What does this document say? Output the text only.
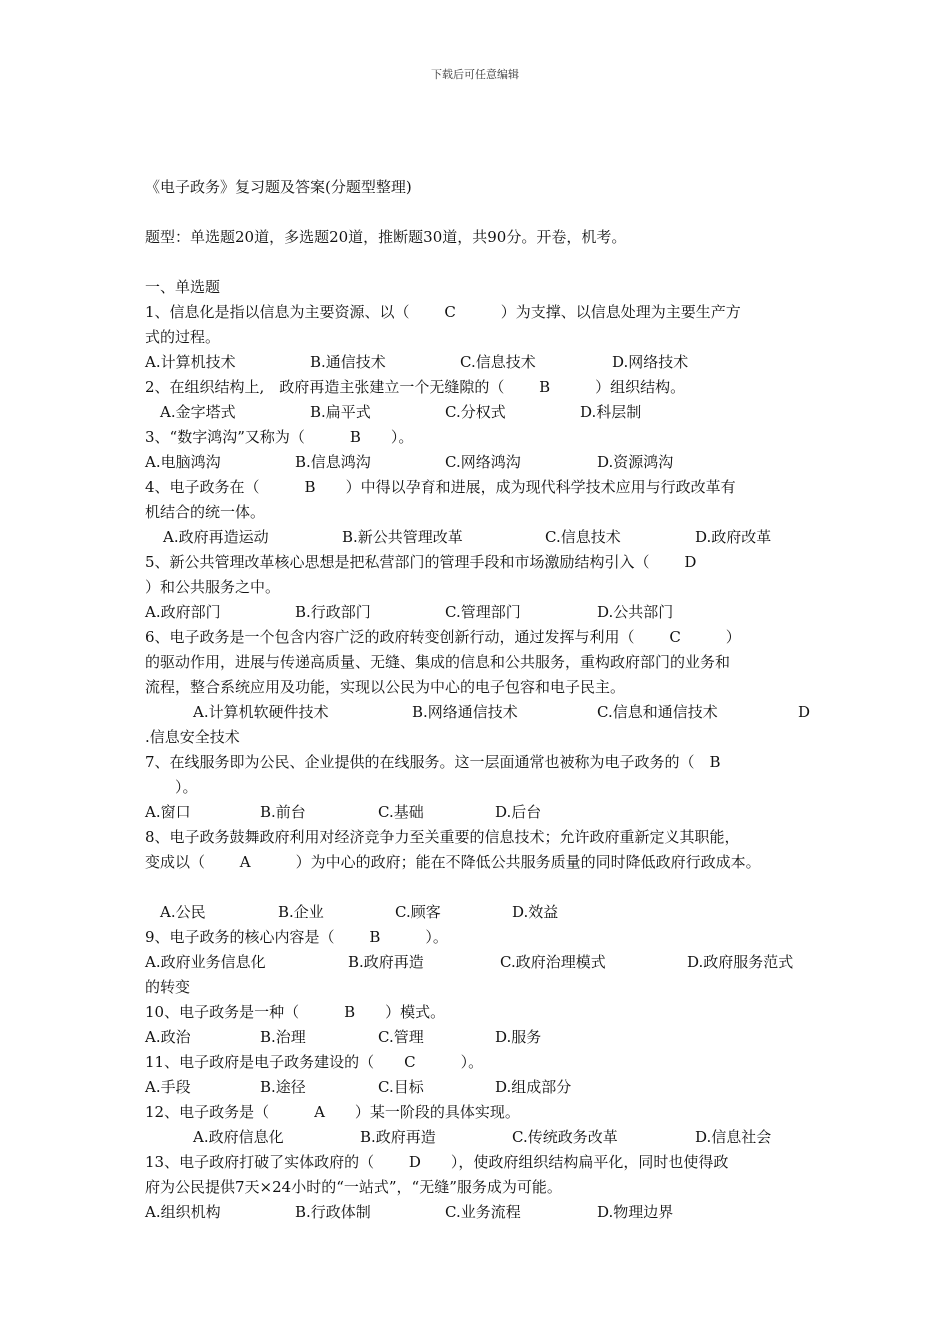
下载后可任意编辑

《电子政务》复习题及答案(分题型整理)

题型：单选题20道，多选题20道，推断题30道，共90分。开卷，机考。

一、单选题

1、信息化是指以信息为主要资源、以（　　 C　　　）为支撑、以信息处理为主要生产方

式的过程。

A.计算机技术	B.通信技术	C.信息技术	D.网络技术

2、在组织结构上,　政府再造主张建立一个无缝隙的（　　 B　　　）组织结构。

A.金字塔式	B.扁平式	C.分权式	D.科层制

3、“数字鸿沟”又称为（　　　B　　）。

A.电脑鸿沟	B.信息鸿沟	C.网络鸿沟	D.资源鸿沟

4、电子政务在（　　　B　　）中得以孕育和进展，成为现代科学技术应用与行政改革有

机结合的统一体。

A.政府再造运动	B.新公共管理改革	C.信息技术	D.政府改革

5、新公共管理改革核心思想是把私营部门的管理手段和市场激励结构引入（　　 D

）和公共服务之中。

A.政府部门	B.行政部门	C.管理部门	D.公共部门

6、电子政务是一个包含内容广泛的政府转变创新行动，通过发挥与利用（　　 C　　　）

的驱动作用，进展与传递高质量、无缝、集成的信息和公共服务，重构政府部门的业务和

流程，整合系统应用及功能，实现以公民为中心的电子包容和电子民主。

A.计算机软硬件技术	B.网络通信技术	C.信息和通信技术	D

.信息安全技术

7、在线服务即为公民、企业提供的在线服务。这一层面通常也被称为电子政务的（　B

　　）。

A.窗口	B.前台	C.基础	D.后台

8、电子政务鼓舞政府利用对经济竞争力至关重要的信息技术；允许政府重新定义其职能，

变成以（　　 A　　　）为中心的政府；能在不降低公共服务质量的同时降低政府行政成本。

A.公民	B.企业	C.顾客	D.效益

9、电子政务的核心内容是（　　 B　　　）。

A.政府业务信息化	B.政府再造	C.政府治理模式	D.政府服务范式

的转变

10、电子政务是一种（　　　B　　）模式。

A.政治	B.治理	C.管理	D.服务

11、电子政府是电子政务建设的（　　C　　　）。

A.手段	B.途径	C.目标	D.组成部分

12、电子政务是（　　　A　　）某一阶段的具体实现。

A.政府信息化	B.政府再造	C.传统政务改革	D.信息社会

13、电子政府打破了实体政府的（　　 D　　），使政府组织结构扁平化，同时也使得政

府为公民提供7天×24小时的“一站式”，“无缝”服务成为可能。

A.组织机构	B.行政体制	C.业务流程	D.物理边界
